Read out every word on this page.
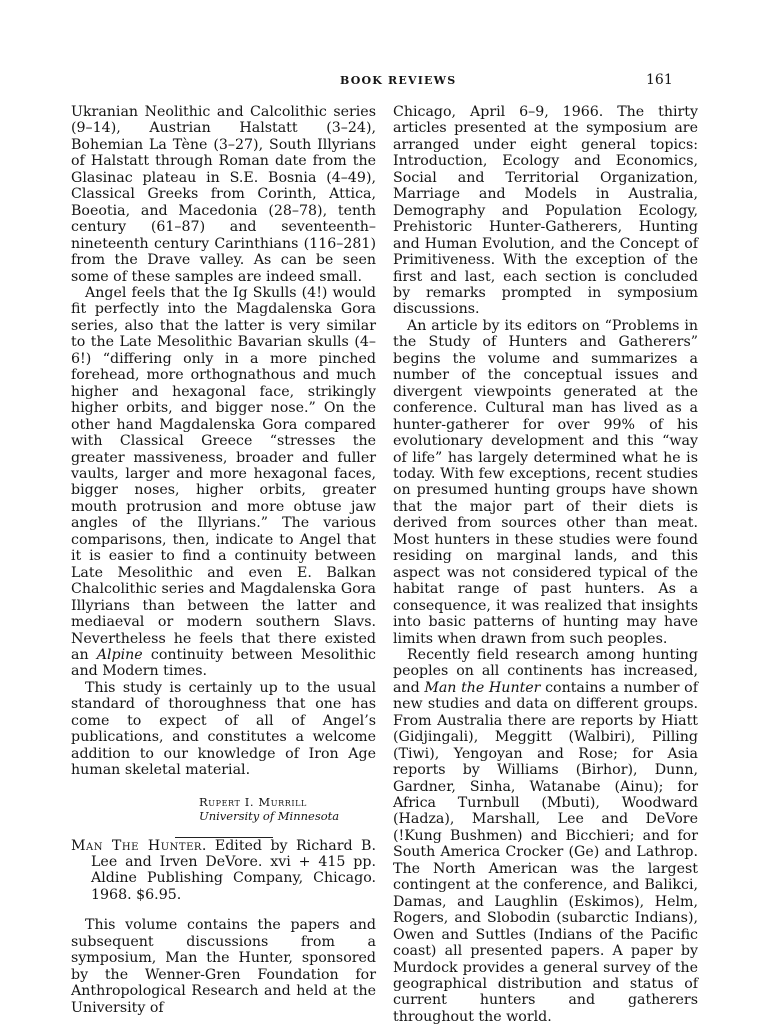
BOOK REVIEWS	161

Ukranian Neolithic and Calcolithic series (9–14), Austrian Halstatt (3–24), Bohemian La Tène (3–27), South Illyrians of Halstatt through Roman date from the Glasinac plateau in S.E. Bosnia (4–49), Classical Greeks from Corinth, Attica, Boeotia, and Macedonia (28–78), tenth century (61–87) and seventeenth–nineteenth century Carinthians (116–281) from the Drave valley. As can be seen some of these samples are indeed small.

Angel feels that the Ig Skulls (4!) would fit perfectly into the Magdalenska Gora series, also that the latter is very similar to the Late Mesolithic Bavarian skulls (4–6!) “differing only in a more pinched forehead, more orthognathous and much higher and hexagonal face, strikingly higher orbits, and bigger nose.” On the other hand Magdalenska Gora compared with Classical Greece “stresses the greater massiveness, broader and fuller vaults, larger and more hexagonal faces, bigger noses, higher orbits, greater mouth protrusion and more obtuse jaw angles of the Illyrians.” The various comparisons, then, indicate to Angel that it is easier to find a continuity between Late Mesolithic and even E. Balkan Chalcolithic series and Magdalenska Gora Illyrians than between the latter and mediaeval or modern southern Slavs. Nevertheless he feels that there existed an Alpine continuity between Mesolithic and Modern times.

This study is certainly up to the usual standard of thoroughness that one has come to expect of all of Angel’s publications, and constitutes a welcome addition to our knowledge of Iron Age human skeletal material.

Rupert I. Murrill
University of Minnesota

Man The Hunter. Edited by Richard B. Lee and Irven DeVore. xvi + 415 pp. Aldine Publishing Company, Chicago. 1968. $6.95.

This volume contains the papers and subsequent discussions from a symposium, Man the Hunter, sponsored by the Wenner-Gren Foundation for Anthropological Research and held at the University of

Chicago, April 6–9, 1966. The thirty articles presented at the symposium are arranged under eight general topics: Introduction, Ecology and Economics, Social and Territorial Organization, Marriage and Models in Australia, Demography and Population Ecology, Prehistoric Hunter-Gatherers, Hunting and Human Evolution, and the Concept of Primitiveness. With the exception of the first and last, each section is concluded by remarks prompted in symposium discussions.

An article by its editors on “Problems in the Study of Hunters and Gatherers” begins the volume and summarizes a number of the conceptual issues and divergent viewpoints generated at the conference. Cultural man has lived as a hunter-gatherer for over 99% of his evolutionary development and this “way of life” has largely determined what he is today. With few exceptions, recent studies on presumed hunting groups have shown that the major part of their diets is derived from sources other than meat. Most hunters in these studies were found residing on marginal lands, and this aspect was not considered typical of the habitat range of past hunters. As a consequence, it was realized that insights into basic patterns of hunting may have limits when drawn from such peoples.

Recently field research among hunting peoples on all continents has increased, and Man the Hunter contains a number of new studies and data on different groups. From Australia there are reports by Hiatt (Gidjingali), Meggitt (Walbiri), Pilling (Tiwi), Yengoyan and Rose; for Asia reports by Williams (Birhor), Dunn, Gardner, Sinha, Watanabe (Ainu); for Africa Turnbull (Mbuti), Woodward (Hadza), Marshall, Lee and DeVore (!Kung Bushmen) and Bicchieri; and for South America Crocker (Ge) and Lathrop. The North American was the largest contingent at the conference, and Balikci, Damas, and Laughlin (Eskimos), Helm, Rogers, and Slobodin (subarctic Indians), Owen and Suttles (Indians of the Pacific coast) all presented papers. A paper by Murdock provides a general survey of the geographical distribution and status of current hunters and gatherers throughout the world.
